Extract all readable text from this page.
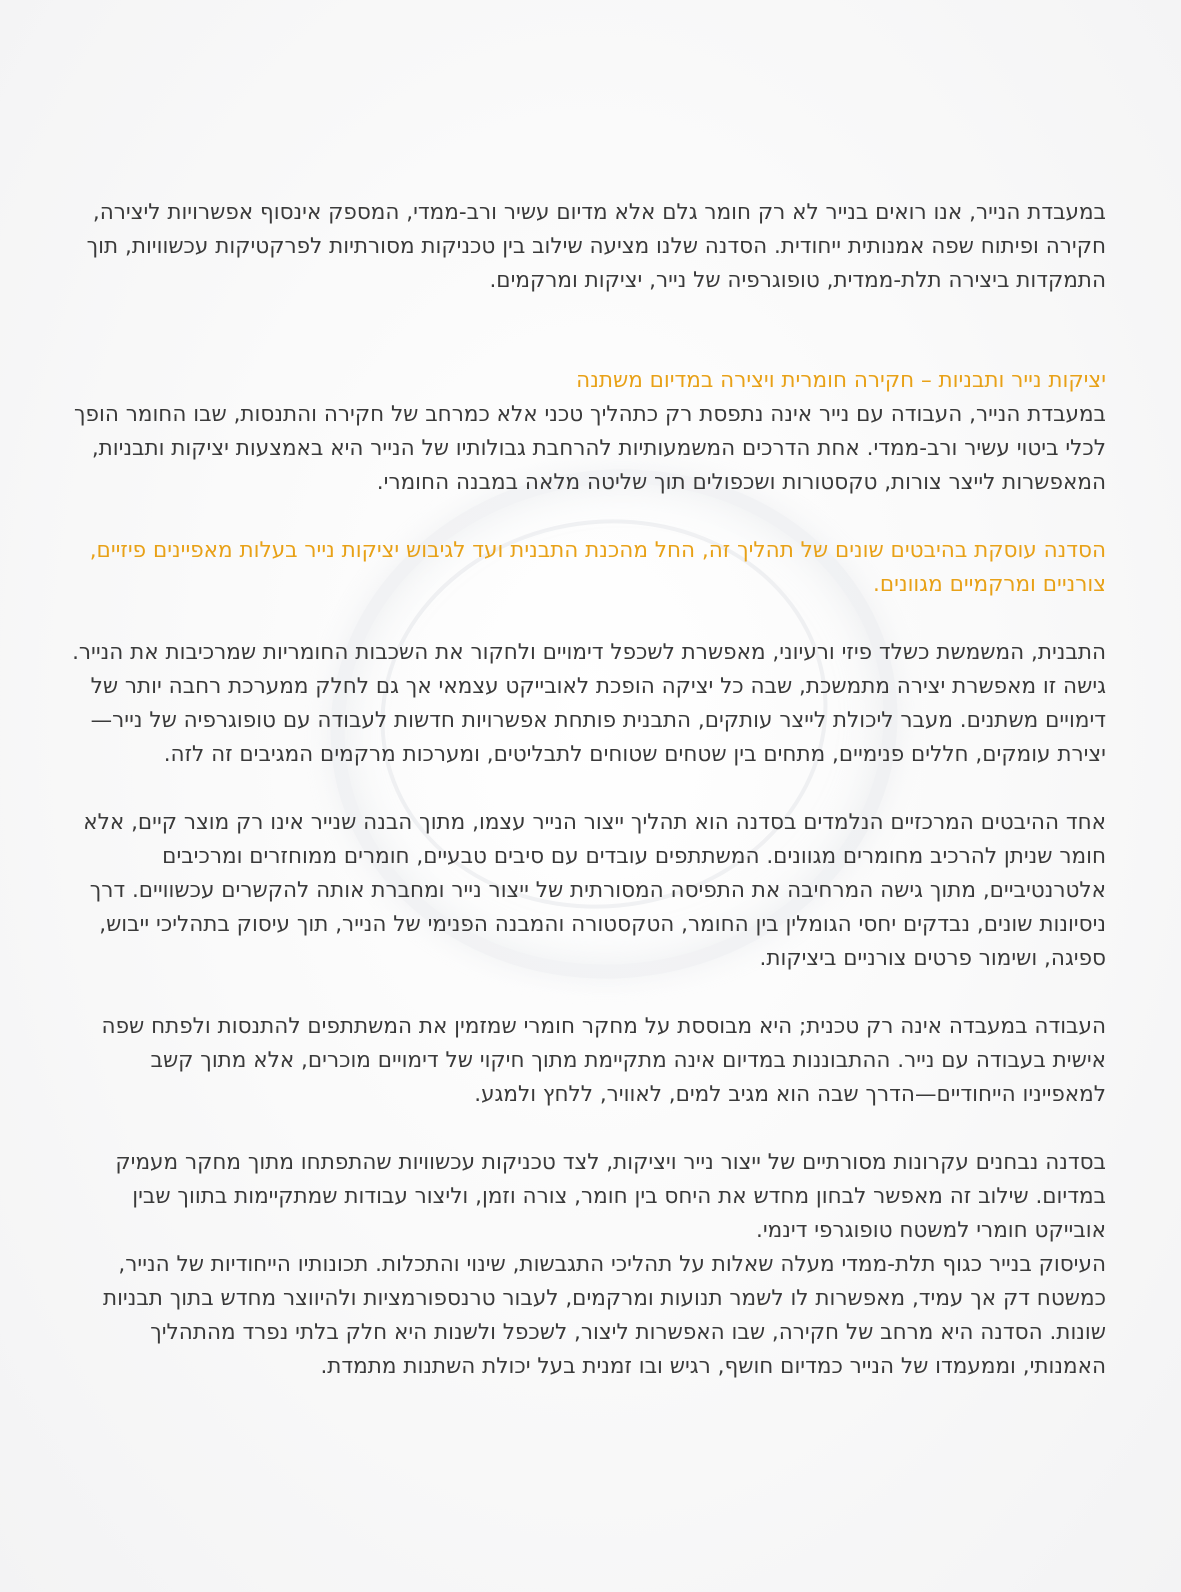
במעבדת הנייר, אנו רואים בנייר לא רק חומר גלם אלא מדיום עשיר ורב-ממדי, המספק אינסוף אפשרויות ליצירה, חקירה ופיתוח שפה אמנותית ייחודית. הסדנה שלנו מציעה שילוב בין טכניקות מסורתיות לפרקטיקות עכשוויות, תוך התמקדות ביצירה תלת-ממדית, טופוגרפיה של נייר, יציקות ומרקמים.

יציקות נייר ותבניות – חקירה חומרית ויצירה במדיום משתנה

במעבדת הנייר, העבודה עם נייר אינה נתפסת רק כתהליך טכני אלא כמרחב של חקירה והתנסות, שבו החומר הופך לכלי ביטוי עשיר ורב-ממדי. אחת הדרכים המשמעותיות להרחבת גבולותיו של הנייר היא באמצעות יציקות ותבניות, המאפשרות לייצר צורות, טקסטורות ושכפולים תוך שליטה מלאה במבנה החומרי.

הסדנה עוסקת בהיבטים שונים של תהליך זה, החל מהכנת התבנית ועד לגיבוש יציקות נייר בעלות מאפיינים פיזיים, צורניים ומרקמיים מגוונים.

התבנית, המשמשת כשלד פיזי ורעיוני, מאפשרת לשכפל דימויים ולחקור את השכבות החומריות שמרכיבות את הנייר. גישה זו מאפשרת יצירה מתמשכת, שבה כל יציקה הופכת לאובייקט עצמאי אך גם לחלק ממערכת רחבה יותר של דימויים משתנים. מעבר ליכולת לייצר עותקים, התבנית פותחת אפשרויות חדשות לעבודה עם טופוגרפיה של נייר—יצירת עומקים, חללים פנימיים, מתחים בין שטחים שטוחים לתבליטים, ומערכות מרקמים המגיבים זה לזה.

אחד ההיבטים המרכזיים הנלמדים בסדנה הוא תהליך ייצור הנייר עצמו, מתוך הבנה שנייר אינו רק מוצר קיים, אלא חומר שניתן להרכיב מחומרים מגוונים. המשתתפים עובדים עם סיבים טבעיים, חומרים ממוחזרים ומרכיבים אלטרנטיביים, מתוך גישה המרחיבה את התפיסה המסורתית של ייצור נייר ומחברת אותה להקשרים עכשוויים. דרך ניסיונות שונים, נבדקים יחסי הגומלין בין החומר, הטקסטורה והמבנה הפנימי של הנייר, תוך עיסוק בתהליכי ייבוש, ספיגה, ושימור פרטים צורניים ביציקות.

העבודה במעבדה אינה רק טכנית; היא מבוססת על מחקר חומרי שמזמין את המשתתפים להתנסות ולפתח שפה אישית בעבודה עם נייר. ההתבוננות במדיום אינה מתקיימת מתוך חיקוי של דימויים מוכרים, אלא מתוך קשב למאפייניו הייחודיים—הדרך שבה הוא מגיב למים, לאוויר, ללחץ ולמגע.

בסדנה נבחנים עקרונות מסורתיים של ייצור נייר ויציקות, לצד טכניקות עכשוויות שהתפתחו מתוך מחקר מעמיק במדיום. שילוב זה מאפשר לבחון מחדש את היחס בין חומר, צורה וזמן, וליצור עבודות שמתקיימות בתווך שבין אובייקט חומרי למשטח טופוגרפי דינמי.

העיסוק בנייר כגוף תלת-ממדי מעלה שאלות על תהליכי התגבשות, שינוי והתכלות. תכונותיו הייחודיות של הנייר, כמשטח דק אך עמיד, מאפשרות לו לשמר תנועות ומרקמים, לעבור טרנספורמציות ולהיווצר מחדש בתוך תבניות שונות. הסדנה היא מרחב של חקירה, שבו האפשרות ליצור, לשכפל ולשנות היא חלק בלתי נפרד מהתהליך האמנותי, וממעמדו של הנייר כמדיום חושף, רגיש ובו זמנית בעל יכולת השתנות מתמדת.
